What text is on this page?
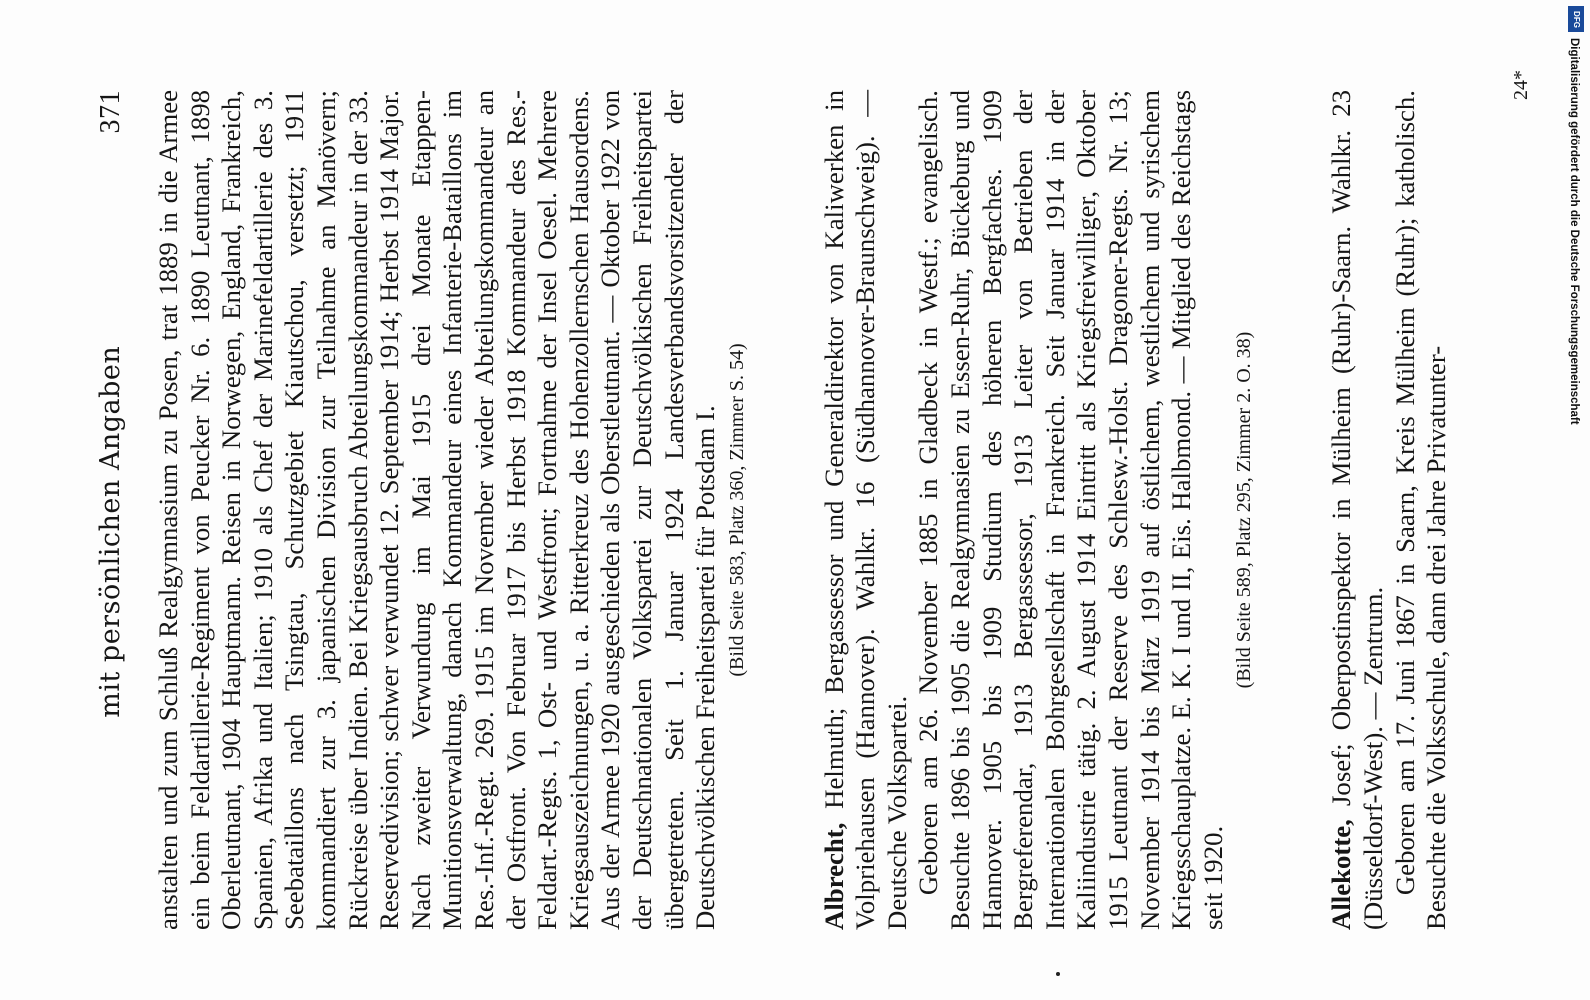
mit persönlichen Angaben
371 anstalten und zum Schluß Realgymnasium zu Posen, trat 1889 in die Armee ein beim Feldartillerie-Regiment von Peucker Nr. 6. 1890 Leutnant, 1898 Oberleutnant, 1904 Hauptmann. Reisen in Norwegen, England, Frankreich, Spanien, Afrika und Italien; 1910 als Chef der Marinefeldartillerie des 3. Seebataillons nach Tsingtau, Schutzgebiet Kiautschou, versetzt; 1911 kommandiert zur 3. japanischen Division zur Teilnahme an Manövern; Rückreise über Indien. Bei Kriegsausbruch Abteilungskommandeur in der 33. Reservedivision; schwer verwundet 12. September 1914; Herbst 1914 Major. Nach zweiter Verwundung im Mai 1915 drei Monate Etappen-Munitionsverwaltung, danach Kommandeur eines Infanterie-Bataillons im Res.-Inf.-Regt. 269. 1915 im November wieder Abteilungskommandeur an der Ostfront. Von Februar 1917 bis Herbst 1918 Kommandeur des Res.-Feldart.-Regts. 1, Ost- und Westfront; Fortnahme der Insel Oesel. Mehrere Kriegsauszeichnungen, u. a. Ritterkreuz des Hohenzollernschen Hausordens. Aus der Armee 1920 ausgeschieden als Oberstleutnant. — Oktober 1922 von der Deutschnationalen Volkspartei zur Deutschvölkischen Freiheitspartei übergetreten. Seit 1. Januar 1924 Landesverbandsvorsitzender der Deutschvölkischen Freiheitspartei für Potsdam I. (Bild Seite 583, Platz 360, Zimmer S. 54)

Albrecht, Helmuth; Bergassessor und Generaldirektor von Kaliwerken in Volpriehausen (Hannover). Wahlkr. 16 (Südhannover-Braunschweig). — Deutsche Volkspartei. Geboren am 26. November 1885 in Gladbeck in Westf.; evangelisch. Besuchte 1896 bis 1905 die Realgymnasien zu Essen-Ruhr, Bückeburg und Hannover. 1905 bis 1909 Studium des höheren Bergfaches. 1909 Bergreferendar, 1913 Bergassessor, 1913 Leiter von Betrieben der Internationalen Bohrgesellschaft in Frankreich. Seit Januar 1914 in der Kaliindustrie tätig. 2. August 1914 Eintritt als Kriegsfreiwilliger, Oktober 1915 Leutnant der Reserve des Schlesw.-Holst. Dragoner-Regts. Nr. 13; November 1914 bis März 1919 auf östlichem, westlichem und syrischem Kriegsschauplatze. E. K. I und II, Eis. Halbmond. — Mitglied des Reichstags seit 1920.

(Bild Seite 589, Platz 295, Zimmer 2. O. 38)

Allekotte, Josef; Oberpostinspektor in Mülheim (Ruhr)-Saarn. Wahlkr. 23 (Düsseldorf-West). — Zentrum. Geboren am 17. Juni 1867 in Saarn, Kreis Mülheim (Ruhr); katholisch. Besuchte die Volksschule, dann drei Jahre Privatunter-

24*	Digitalisierung gefördert durch die Deutsche Forschungsgemeinschaft
DFG
